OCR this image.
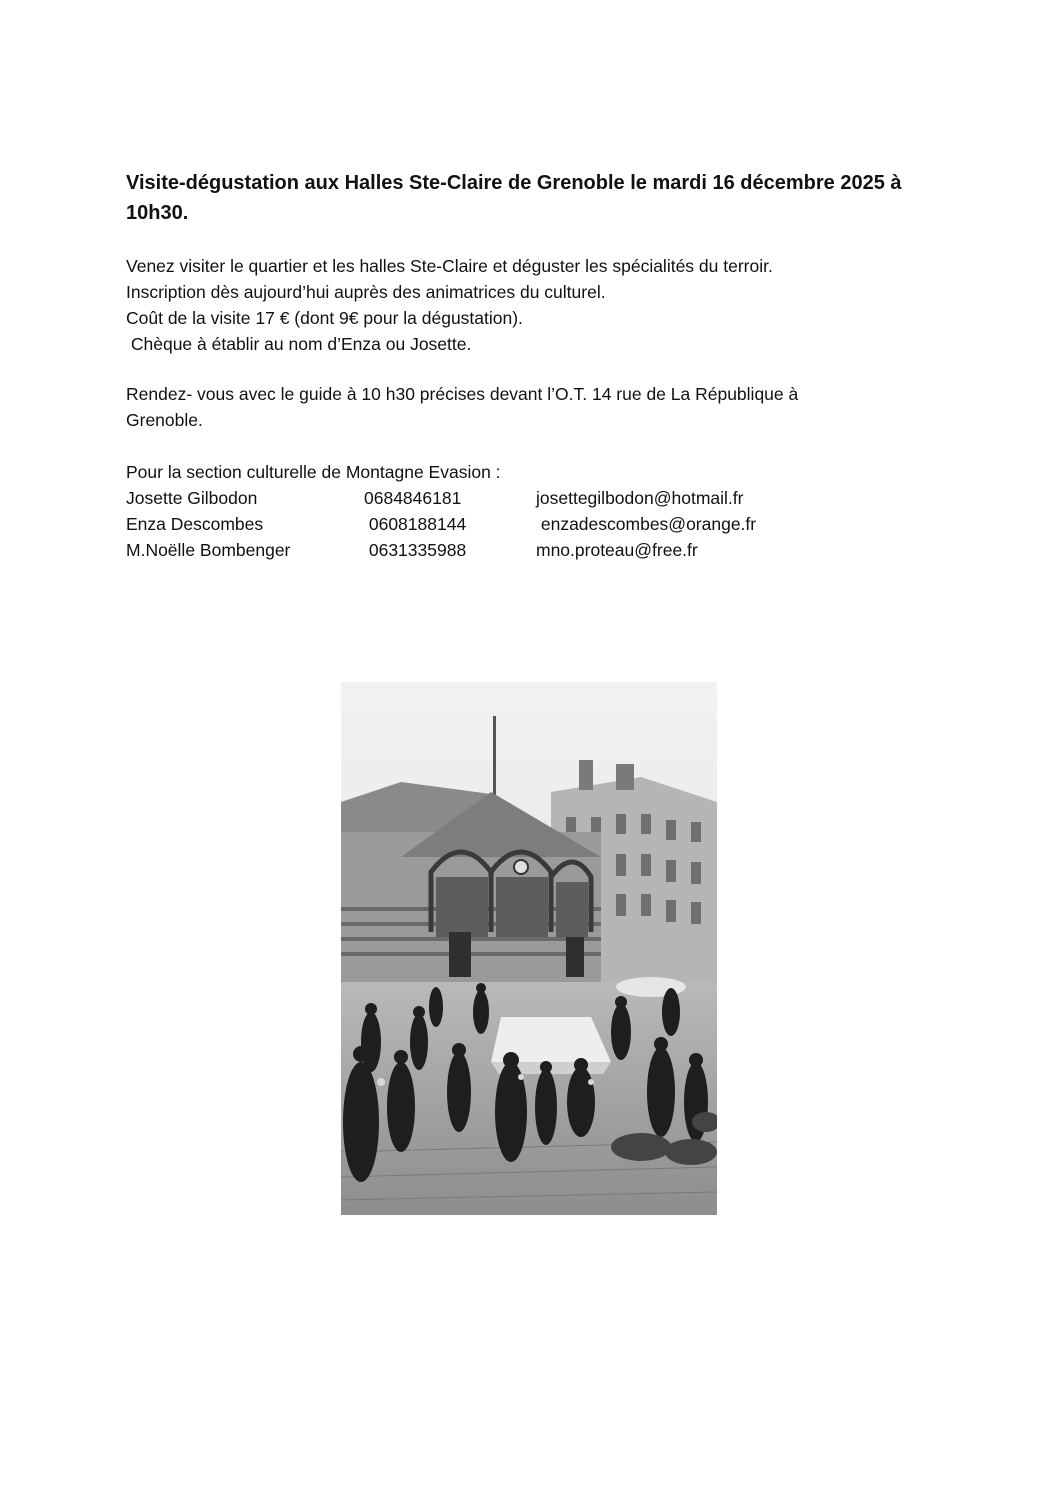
Visite-dégustation aux Halles Ste-Claire de Grenoble le mardi 16 décembre 2025 à 10h30.

Venez visiter le quartier et les halles Ste-Claire et déguster les spécialités du terroir.
Inscription dès aujourd’hui auprès des animatrices du culturel.
Coût de la visite 17 € (dont 9€ pour la dégustation).
Chèque à établir au nom d’Enza ou Josette.

Rendez- vous avec le guide à 10 h30 précises devant l’O.T. 14 rue de La République à
Grenoble.

Pour la section culturelle de Montagne Evasion :
Josette Gilbodon	0684846181	josettegilbodon@hotmail.fr
Enza Descombes	0608188144	enzadescombes@orange.fr
M.Noëlle Bombenger	0631335988	mno.proteau@free.fr
